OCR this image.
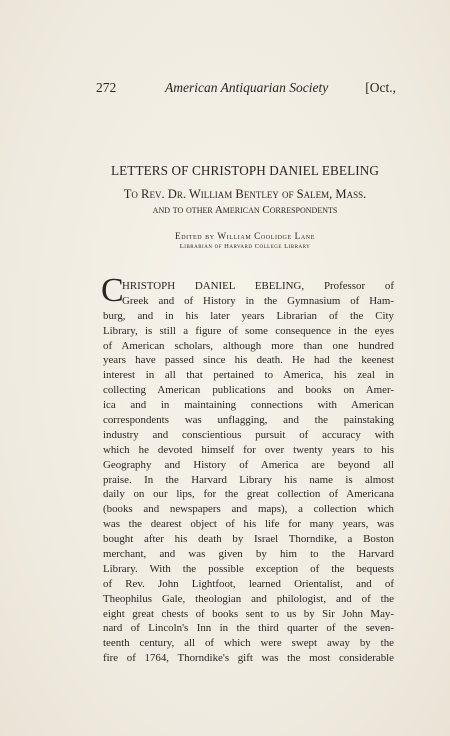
272	American Antiquarian Society	[Oct.,
LETTERS OF CHRISTOPH DANIEL EBELING
To Rev. Dr. William Bentley of Salem, Mass.
and to other American Correspondents
Edited by William Coolidge Lane
Librarian of Harvard College Library
C
HRISTOPH DANIEL EBELING, Professor of
Greek and of History in the Gymnasium of Ham-
burg, and in his later years Librarian of the City
Library, is still a figure of some consequence in the eyes
of American scholars, although more than one hundred
years have passed since his death. He had the keenest
interest in all that pertained to America, his zeal in
collecting American publications and books on Amer-
ica and in maintaining connections with American
correspondents was unflagging, and the painstaking
industry and conscientious pursuit of accuracy with
which he devoted himself for over twenty years to his
Geography and History of America are beyond all
praise. In the Harvard Library his name is almost
daily on our lips, for the great collection of Americana
(books and newspapers and maps), a collection which
was the dearest object of his life for many years, was
bought after his death by Israel Thorndike, a Boston
merchant, and was given by him to the Harvard
Library. With the possible exception of the bequests
of Rev. John Lightfoot, learned Orientalist, and of
Theophilus Gale, theologian and philologist, and of the
eight great chests of books sent to us by Sir John May-
nard of Lincoln's Inn in the third quarter of the seven-
teenth century, all of which were swept away by the
fire of 1764, Thorndike's gift was the most considerable
